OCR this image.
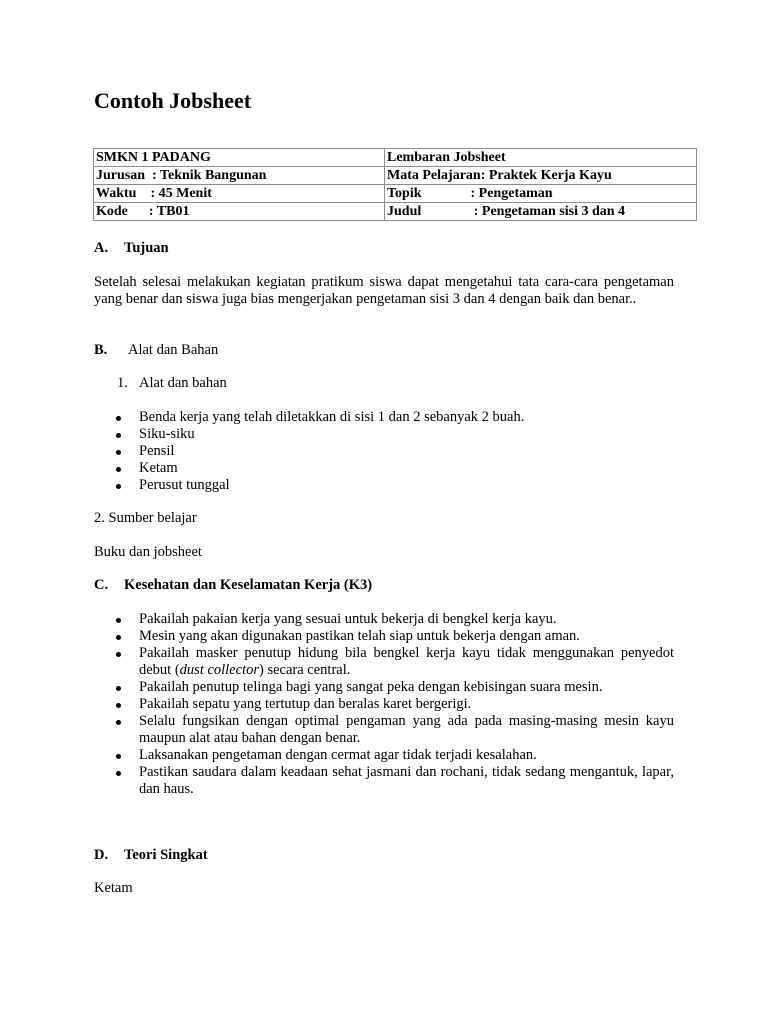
Contoh Jobsheet
SMKN 1 PADANG	Lembaran Jobsheet
Jurusan  : Teknik Bangunan	Mata Pelajaran: Praktek Kerja Kayu
Waktu    : 45 Menit	Topik              : Pengetaman
Kode      : TB01	Judul               : Pengetaman sisi 3 dan 4
A. Tujuan
Setelah selesai melakukan kegiatan pratikum siswa dapat mengetahui tata cara-cara pengetaman yang benar dan siswa juga bias mengerjakan pengetaman sisi 3 dan 4 dengan baik dan benar..
B. Alat dan Bahan
1. Alat dan bahan
Benda kerja yang telah diletakkan di sisi 1 dan 2 sebanyak 2 buah.
Siku-siku
Pensil
Ketam
Perusut tunggal
2. Sumber belajar
Buku dan jobsheet
C. Kesehatan dan Keselamatan Kerja (K3)
Pakailah pakaian kerja yang sesuai untuk bekerja di bengkel kerja kayu.
Mesin yang akan digunakan pastikan telah siap untuk bekerja dengan aman.
Pakailah masker penutup hidung bila bengkel kerja kayu tidak menggunakan penyedot debut (dust collector) secara central.
Pakailah penutup telinga bagi yang sangat peka dengan kebisingan suara mesin.
Pakailah sepatu yang tertutup dan beralas karet bergerigi.
Selalu fungsikan dengan optimal pengaman yang ada pada masing-masing mesin kayu maupun alat atau bahan dengan benar.
Laksanakan pengetaman dengan cermat agar tidak terjadi kesalahan.
Pastikan saudara dalam keadaan sehat jasmani dan rochani, tidak sedang mengantuk, lapar, dan haus.
D. Teori Singkat
Ketam
